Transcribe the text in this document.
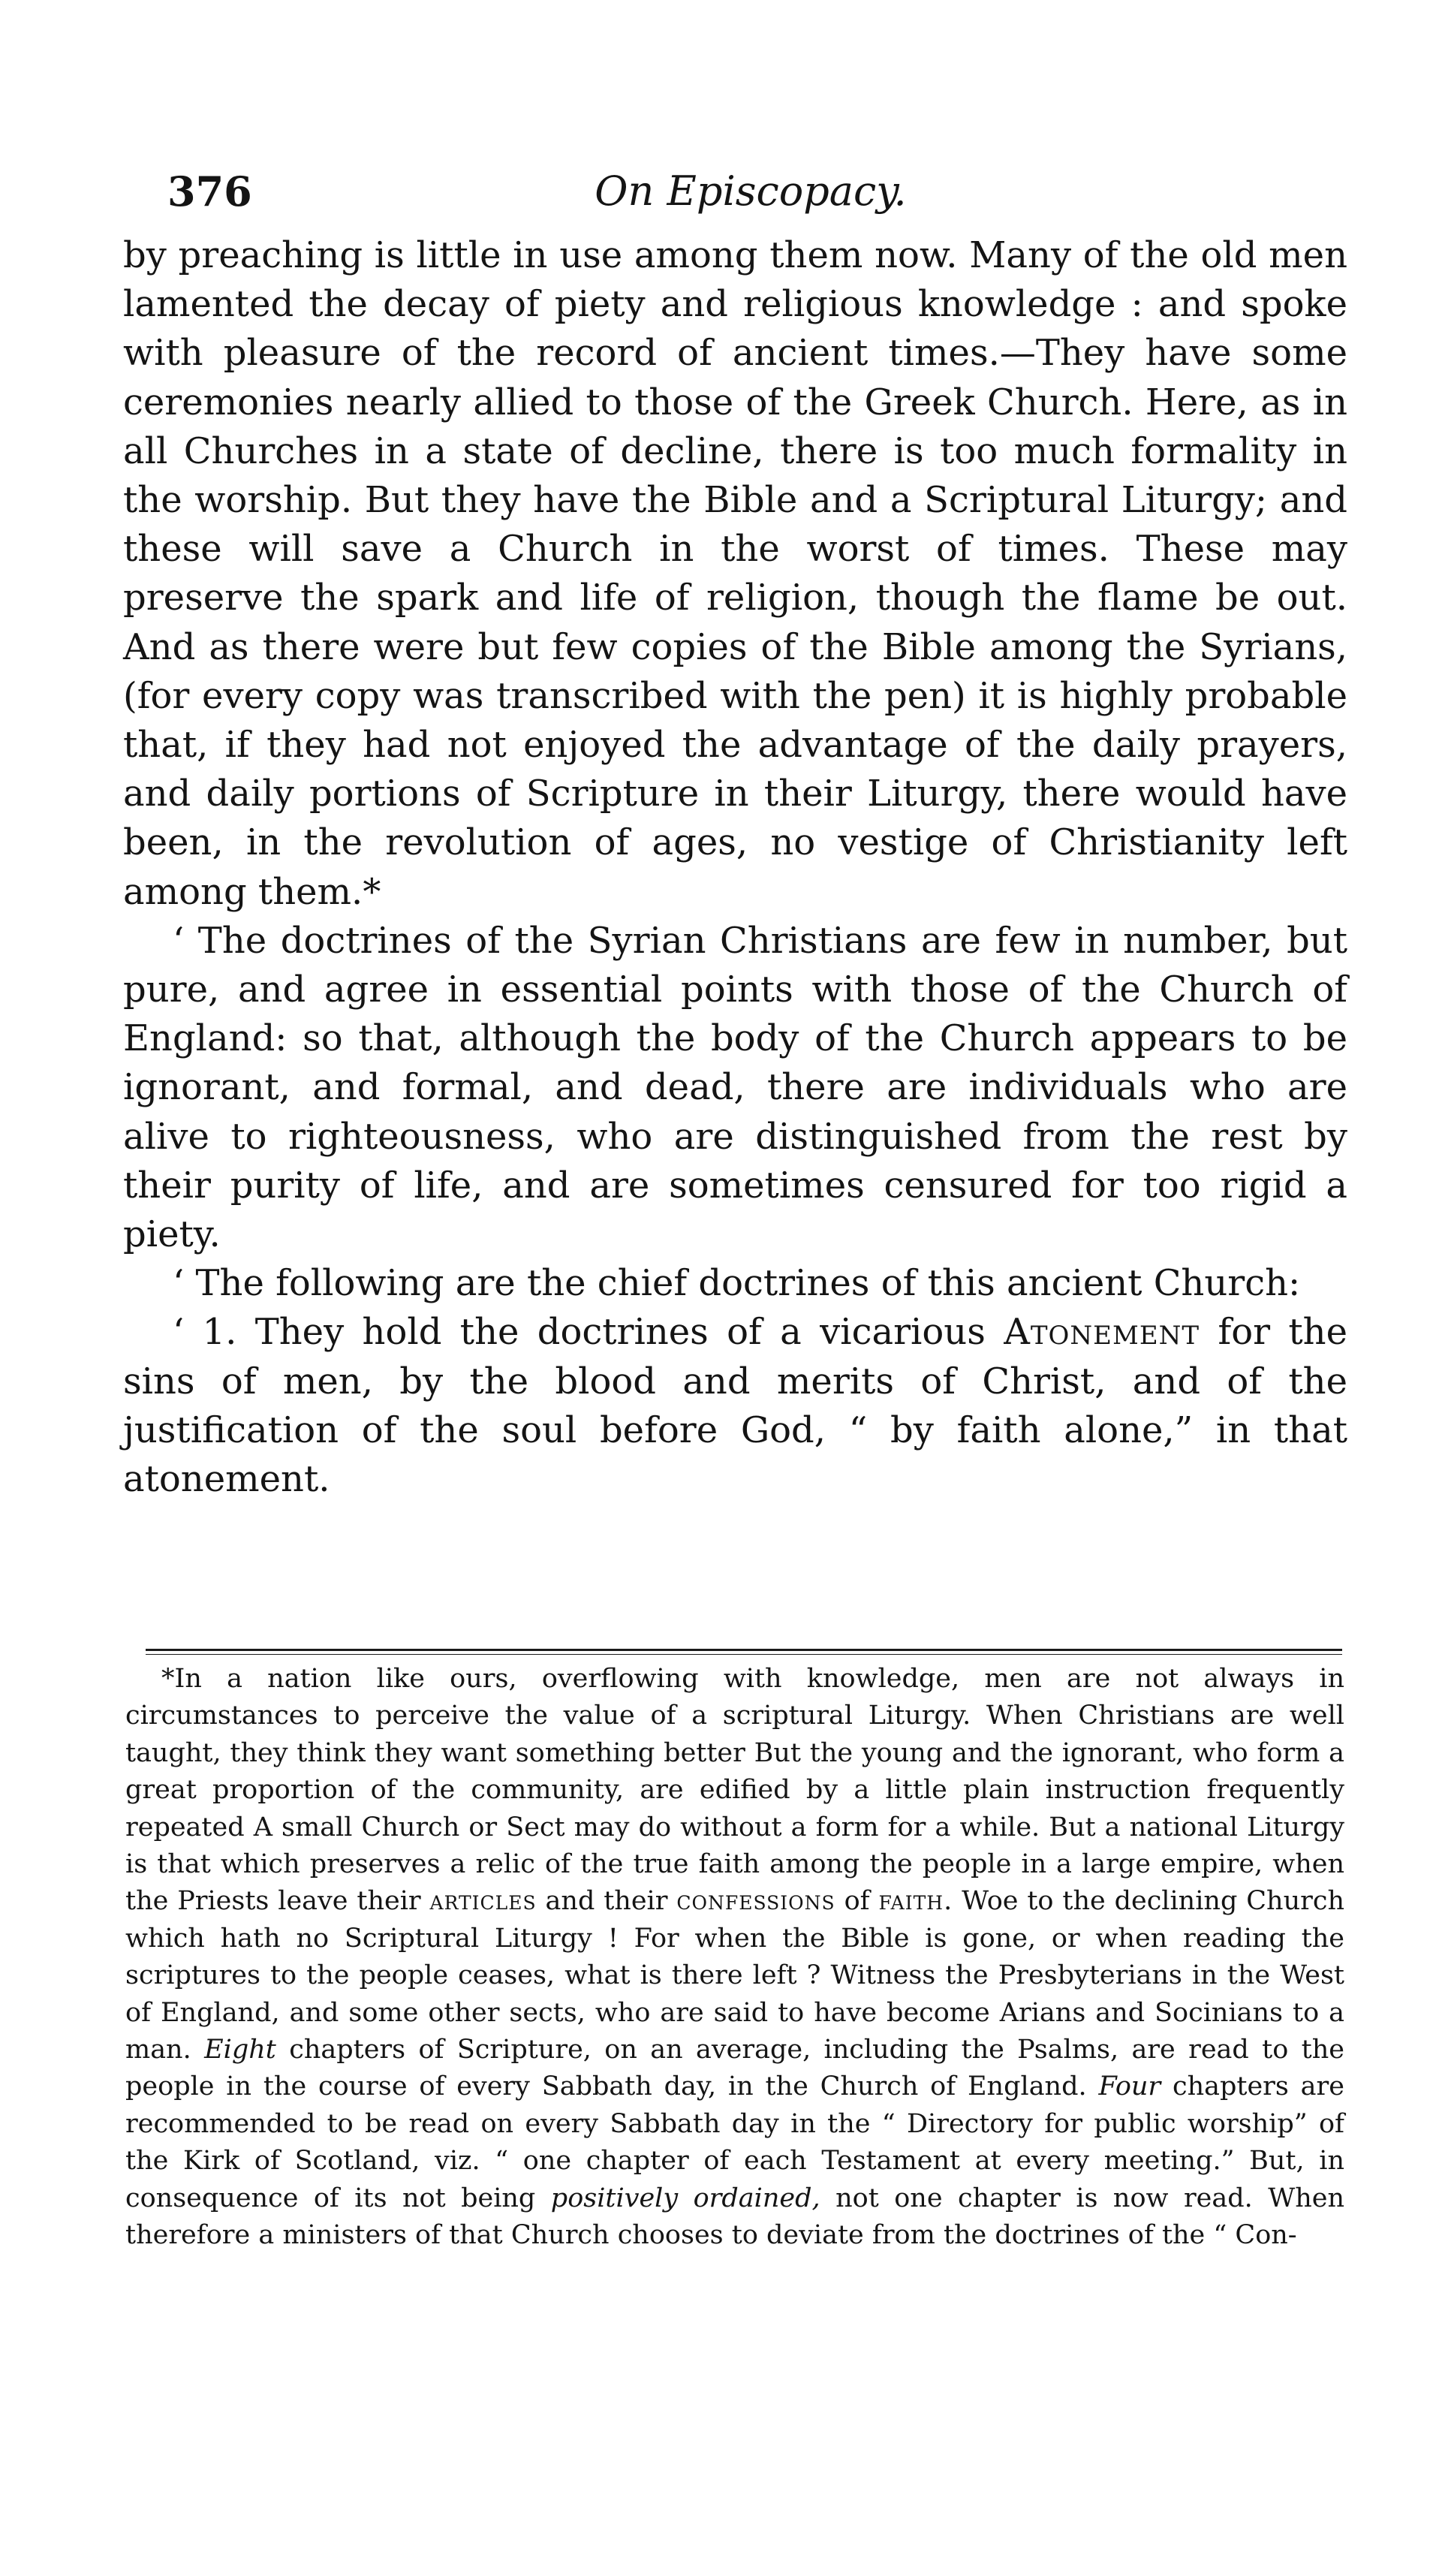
376	On Episcopacy.

by preaching is little in use among them now. Many of the old men lamented the decay of piety and religious knowledge : and spoke with pleasure of the record of ancient times.—They have some ceremonies nearly allied to those of the Greek Church. Here, as in all Churches in a state of decline, there is too much formality in the worship. But they have the Bible and a Scriptural Liturgy; and these will save a Church in the worst of times. These may preserve the spark and life of religion, though the flame be out. And as there were but few copies of the Bible among the Syrians, (for every copy was transcribed with the pen) it is highly probable that, if they had not enjoyed the advantage of the daily prayers, and daily portions of Scripture in their Liturgy, there would have been, in the revolution of ages, no vestige of Christianity left among them.*

‘ The doctrines of the Syrian Christians are few in number, but pure, and agree in essential points with those of the Church of England: so that, although the body of the Church appears to be ignorant, and formal, and dead, there are individuals who are alive to righteousness, who are distinguished from the rest by their purity of life, and are sometimes censured for too rigid a piety.

‘ The following are the chief doctrines of this ancient Church:

‘ 1. They hold the doctrines of a vicarious Atonement for the sins of men, by the blood and merits of Christ, and of the justification of the soul before God, “ by faith alone,” in that atonement.

*In a nation like ours, overflowing with knowledge, men are not always in circumstances to perceive the value of a scriptural Liturgy. When Christians are well taught, they think they want something better But the young and the ignorant, who form a great proportion of the community, are edified by a little plain instruction frequently repeated A small Church or Sect may do without a form for a while. But a national Liturgy is that which preserves a relic of the true faith among the people in a large empire, when the Priests leave their articles and their confessions of faith. Woe to the declining Church which hath no Scriptural Liturgy ! For when the Bible is gone, or when reading the scriptures to the people ceases, what is there left ? Witness the Presbyterians in the West of England, and some other sects, who are said to have become Arians and Socinians to a man. Eight chapters of Scripture, on an average, including the Psalms, are read to the people in the course of every Sabbath day, in the Church of England. Four chapters are recommended to be read on every Sabbath day in the “ Directory for public worship” of the Kirk of Scotland, viz. “ one chapter of each Testament at every meeting.” But, in consequence of its not being positively ordained, not one chapter is now read. When therefore a ministers of that Church chooses to deviate from the doctrines of the “ Con-
